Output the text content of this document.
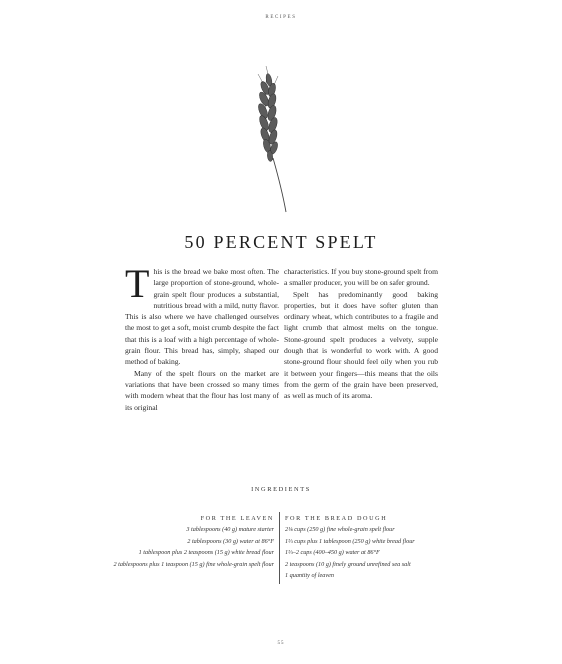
RECIPES
50 PERCENT SPELT

This is the bread we bake most often. The large proportion of stone-ground, whole-grain spelt flour produces a substantial, nutritious bread with a mild, nutty flavor. This is also where we have challenged ourselves the most to get a soft, moist crumb despite the fact that this is a loaf with a high percentage of whole-grain flour. This bread has, simply, shaped our method of baking.

Many of the spelt flours on the market are variations that have been crossed so many times with modern wheat that the flour has lost many of its original

characteristics. If you buy stone-ground spelt from a smaller producer, you will be on safer ground.

Spelt has predominantly good baking properties, but it does have softer gluten than ordinary wheat, which contributes to a fragile and light crumb that almost melts on the tongue. Stone-ground spelt produces a velvety, supple dough that is wonderful to work with. A good stone-ground flour should feel oily when you rub it between your fingers—this means that the oils from the germ of the grain have been preserved, as well as much of its aroma.

INGREDIENTS
FOR THE LEAVEN
3 tablespoons (40 g) mature starter
2 tablespoons (30 g) water at 86°F
1 tablespoon plus 2 teaspoons (15 g) white bread flour
2 tablespoons plus 1 teaspoon (15 g) fine whole-grain spelt flour
FOR THE BREAD DOUGH
2⅛ cups (250 g) fine whole-grain spelt flour
1⅔ cups plus 1 tablespoon (250 g) white bread flour
1⅔–2 cups (400–450 g) water at 86°F
2 teaspoons (10 g) finely ground unrefined sea salt
1 quantity of leaven
55
